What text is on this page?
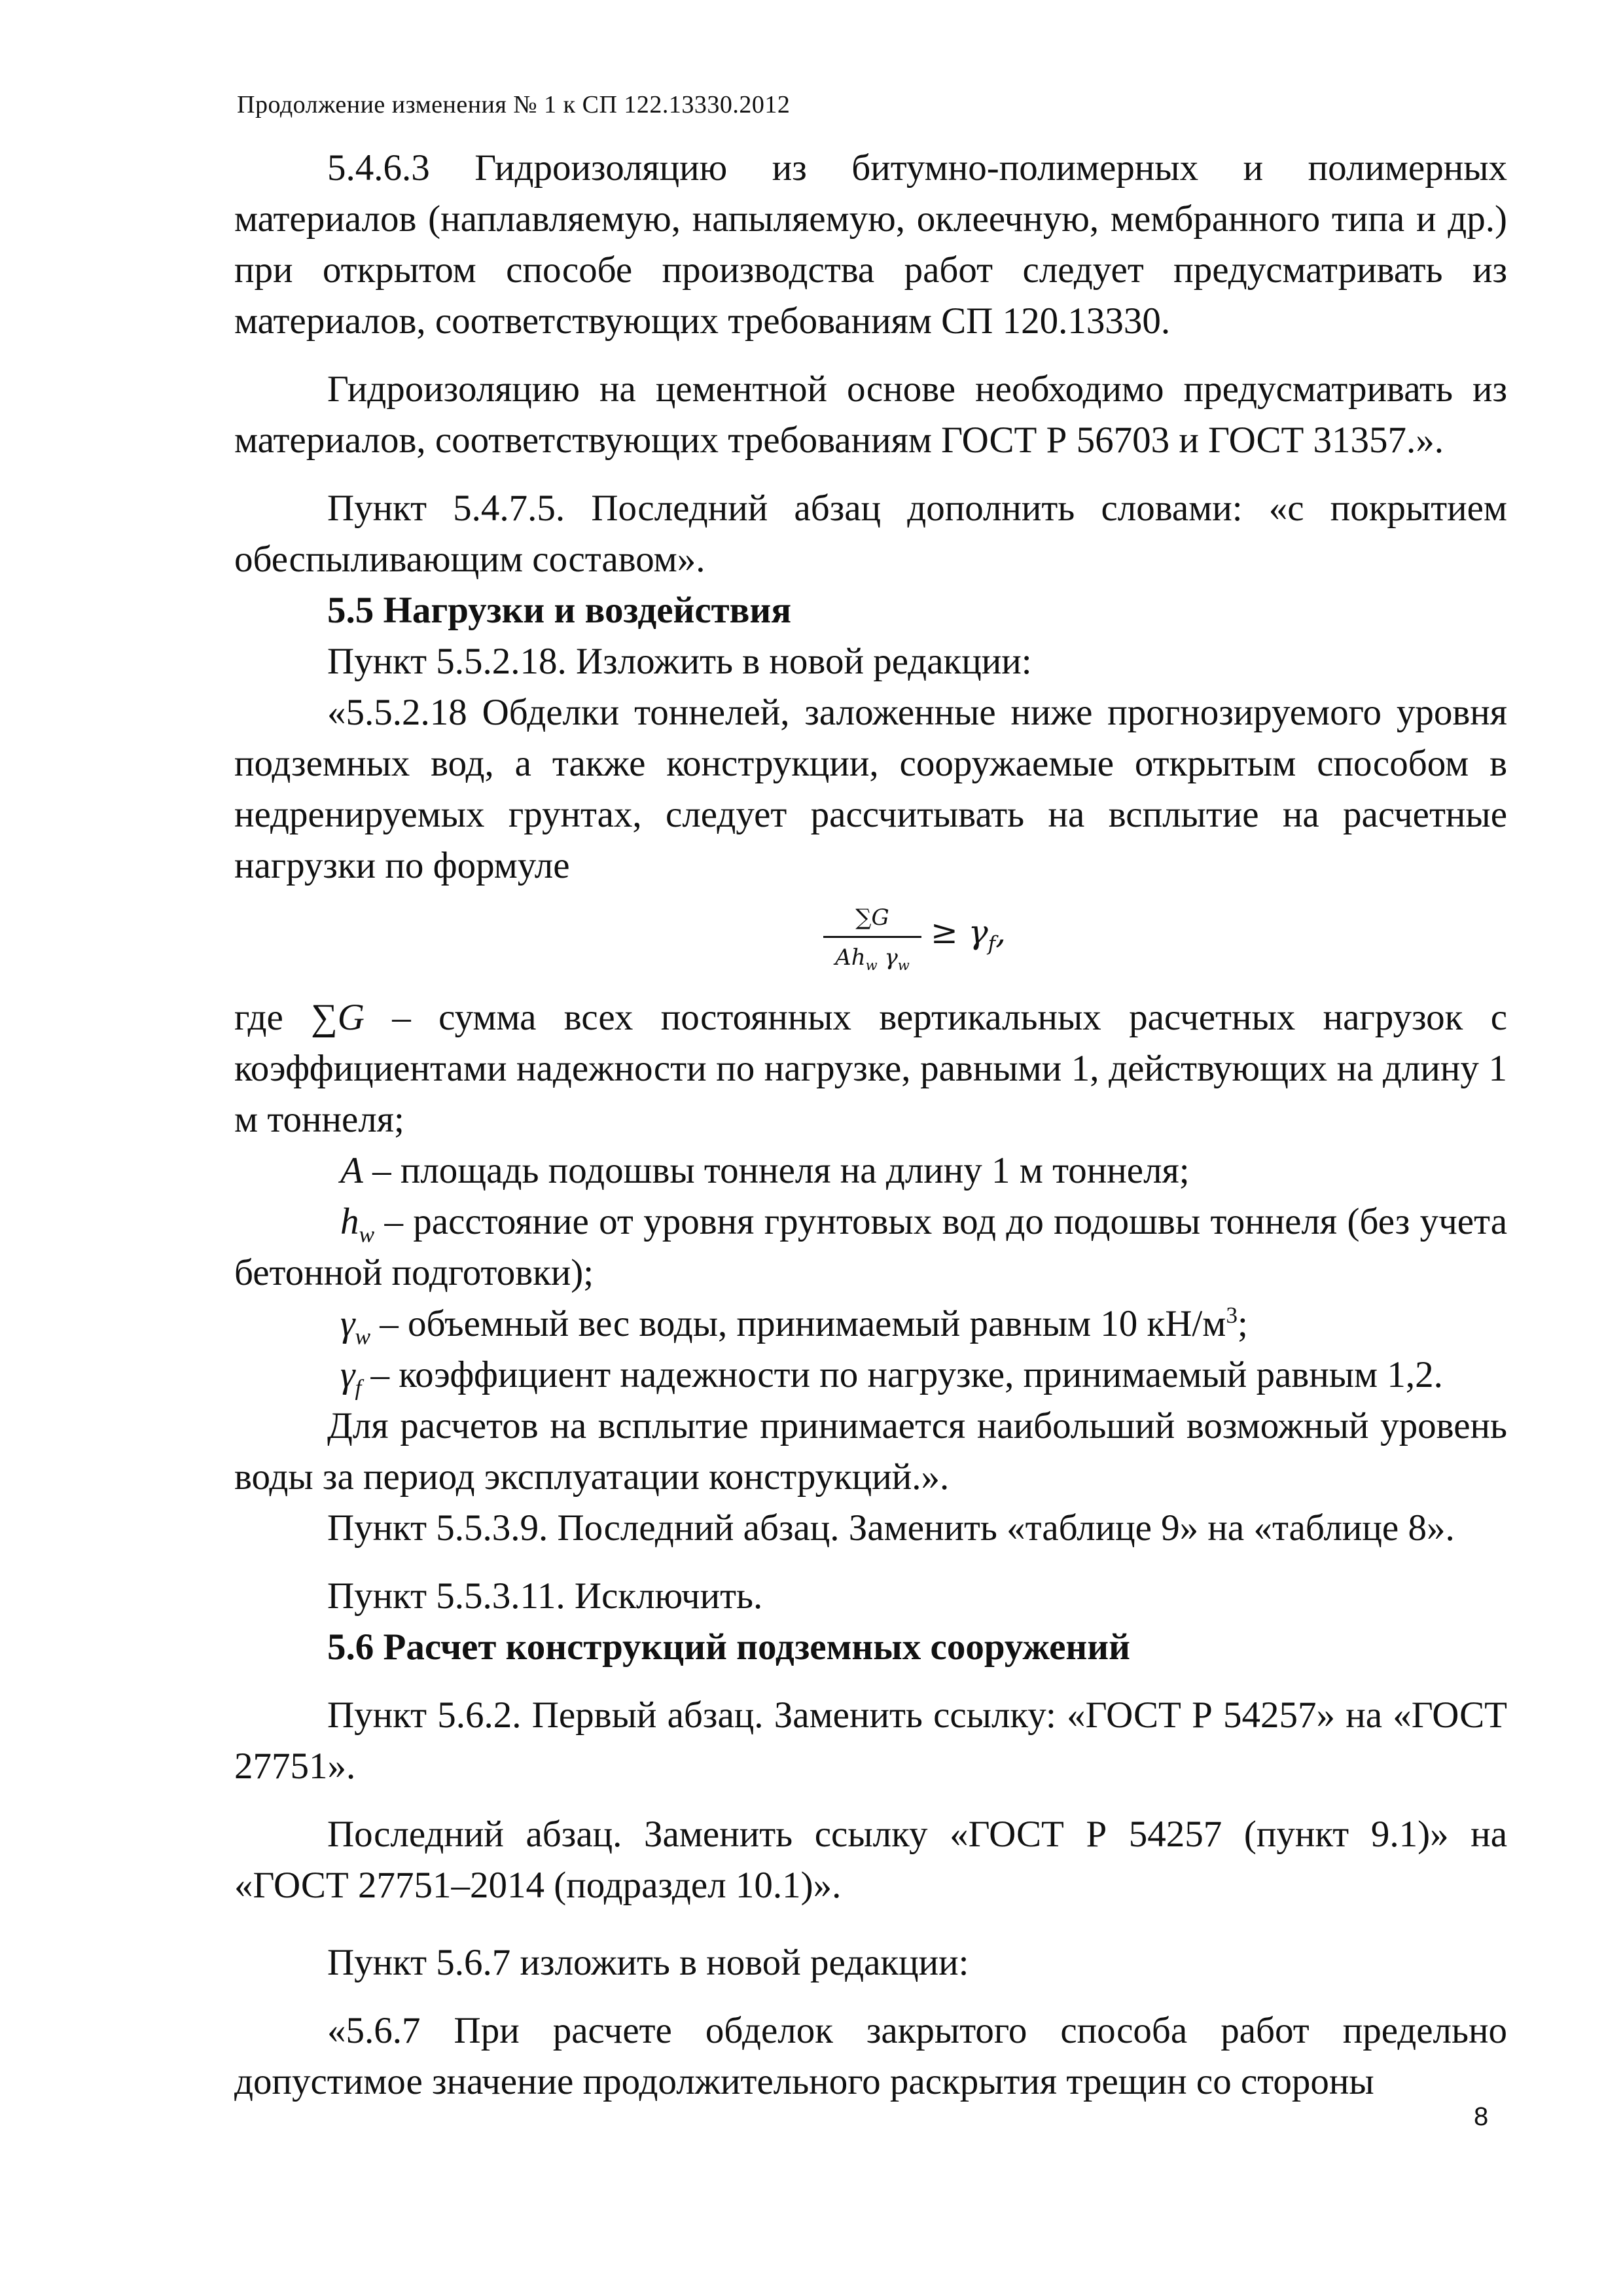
Продолжение изменения № 1 к СП 122.13330.2012

5.4.6.3 Гидроизоляцию из битумно-полимерных и полимерных материалов (наплавляемую, напыляемую, оклеечную, мембранного типа и др.) при открытом способе производства работ следует предусматривать из материалов, соответствующих требованиям СП 120.13330.

Гидроизоляцию на цементной основе необходимо предусматривать из материалов, соответствующих требованиям ГОСТ Р 56703 и ГОСТ 31357.».

Пункт 5.4.7.5. Последний абзац дополнить словами: «с покрытием обеспыливающим составом».

5.5 Нагрузки и воздействия

Пункт 5.5.2.18. Изложить в новой редакции:

«5.5.2.18 Обделки тоннелей, заложенные ниже прогнозируемого уровня подземных вод, а также конструкции, сооружаемые открытым способом в недренируемых грунтах, следует рассчитывать на всплытие на расчетные нагрузки по формуле

∑G
$Ah_w$ $\gamma_w$
≥ $\gamma_f$,

где ∑G – сумма всех постоянных вертикальных расчетных нагрузок с коэффициентами надежности по нагрузке, равными 1, действующих на длину 1 м тоннеля;

A – площадь подошвы тоннеля на длину 1 м тоннеля;

$h_w$ – расстояние от уровня грунтовых вод до подошвы тоннеля (без учета бетонной подготовки);

$\gamma_w$ – объемный вес воды, принимаемый равным 10 $кН/м^3$;

$\gamma_f$ – коэффициент надежности по нагрузке, принимаемый равным 1,2.

Для расчетов на всплытие принимается наибольший возможный уровень воды за период эксплуатации конструкций.».

Пункт 5.5.3.9. Последний абзац. Заменить «таблице 9» на «таблице 8».

Пункт 5.5.3.11. Исключить.

5.6 Расчет конструкций подземных сооружений

Пункт 5.6.2. Первый абзац. Заменить ссылку: «ГОСТ Р 54257» на «ГОСТ 27751».

Последний абзац. Заменить ссылку «ГОСТ Р 54257 (пункт 9.1)» на «ГОСТ 27751–2014 (подраздел 10.1)».

Пункт 5.6.7 изложить в новой редакции:

«5.6.7 При расчете обделок закрытого способа работ предельно допустимое значение продолжительного раскрытия трещин со стороны

8
